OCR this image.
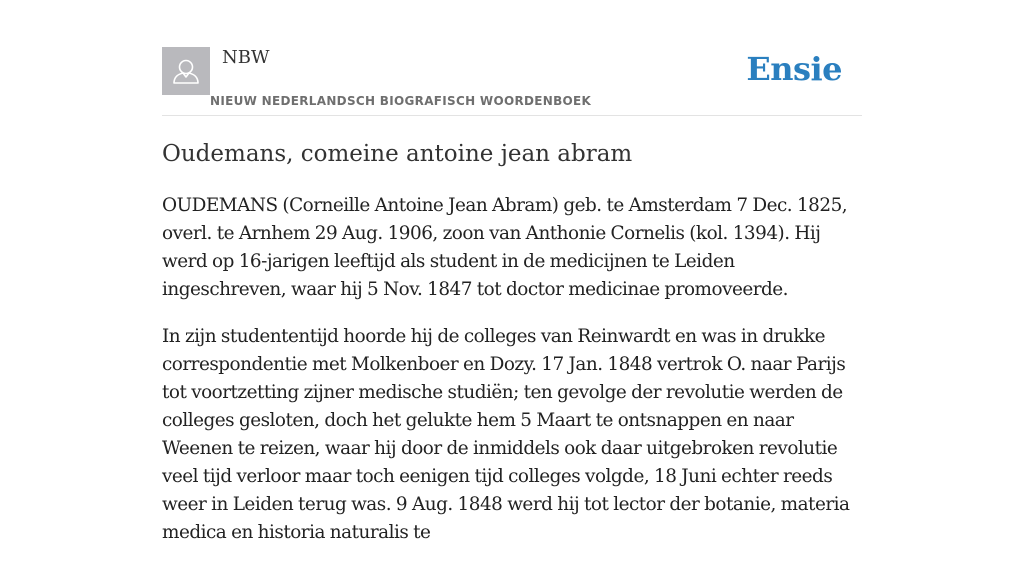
NBW
NIEUW NEDERLANDSCH BIOGRAFISCH WOORDENBOEK
Ensie
Oudemans, comeine antoine jean abram

OUDEMANS (Corneille Antoine Jean Abram) geb. te Amsterdam 7 Dec. 1825, overl. te Arnhem 29 Aug. 1906, zoon van Anthonie Cornelis (kol. 1394). Hij werd op 16-jarigen leeftijd als student in de medicijnen te Leiden ingeschreven, waar hij 5 Nov. 1847 tot doctor medicinae promoveerde.

In zijn studententijd hoorde hij de colleges van Reinwardt en was in drukke correspondentie met Molkenboer en Dozy. 17 Jan. 1848 vertrok O. naar Parijs tot voortzetting zijner medische studiën; ten gevolge der revolutie werden de colleges gesloten, doch het gelukte hem 5 Maart te ontsnappen en naar Weenen te reizen, waar hij door de inmiddels ook daar uitgebroken revolutie veel tijd verloor maar toch eenigen tijd colleges volgde, 18 Juni echter reeds weer in Leiden terug was. 9 Aug. 1848 werd hij tot lector der botanie, materia medica en historia naturalis te
